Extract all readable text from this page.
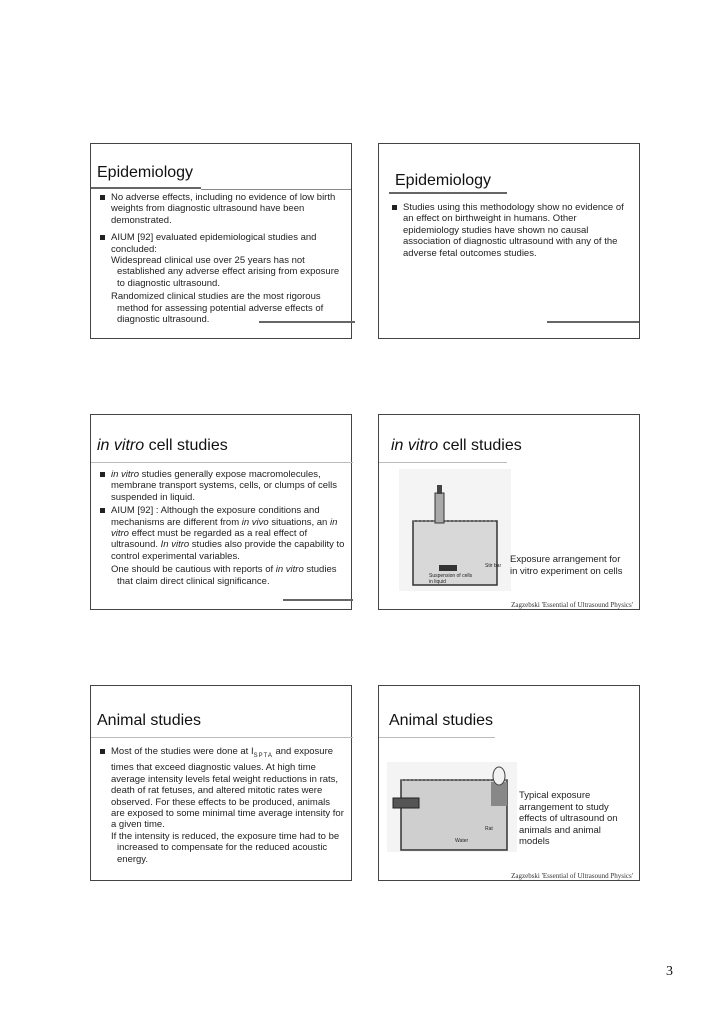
Epidemiology
No adverse effects, including no evidence of low birth weights from diagnostic ultrasound have been demonstrated.
AIUM [92] evaluated epidemiological studies and concluded:
Widespread clinical use over 25 years has not established any adverse effect arising from exposure to diagnostic ultrasound.
Randomized clinical studies are the most rigorous method for assessing potential adverse effects of diagnostic ultrasound.
Epidemiology
Studies using this methodology show no evidence of an effect on birthweight in humans. Other epidemiology studies have shown no causal association of diagnostic ultrasound with any of the adverse fetal outcomes studies.
in vitro cell studies
in vitro studies generally expose macromolecules, membrane transport systems, cells, or clumps of cells suspended in liquid.
AIUM [92] : Although the exposure conditions and mechanisms are different from in vivo situations, an in vitro effect must be regarded as a real effect of ultrasound. In vitro studies also provide the capability to control experimental variables.
One should be cautious with reports of in vitro studies that claim direct clinical significance.
in vitro cell studies
Stir bar
Suspension of cells in liquid
Exposure arrangement for in vitro experiment on cells
Zagzebski 'Essential of Ultrasound Physics'
Animal studies
Most of the studies were done at $I_{SPTA}$ and exposure times that exceed diagnostic values. At high time average intensity levels fetal weight reductions in rats, death of rat fetuses, and altered mitotic rates were observed. For these effects to be produced, animals are exposed to some minimal time average intensity for a given time.
If the intensity is reduced, the exposure time had to be increased to compensate for the reduced acoustic energy.
Animal studies
Rat
Water
Typical exposure arrangement to study effects of ultrasound on animals and animal models
Zagzebski 'Essential of Ultrasound Physics'
3
